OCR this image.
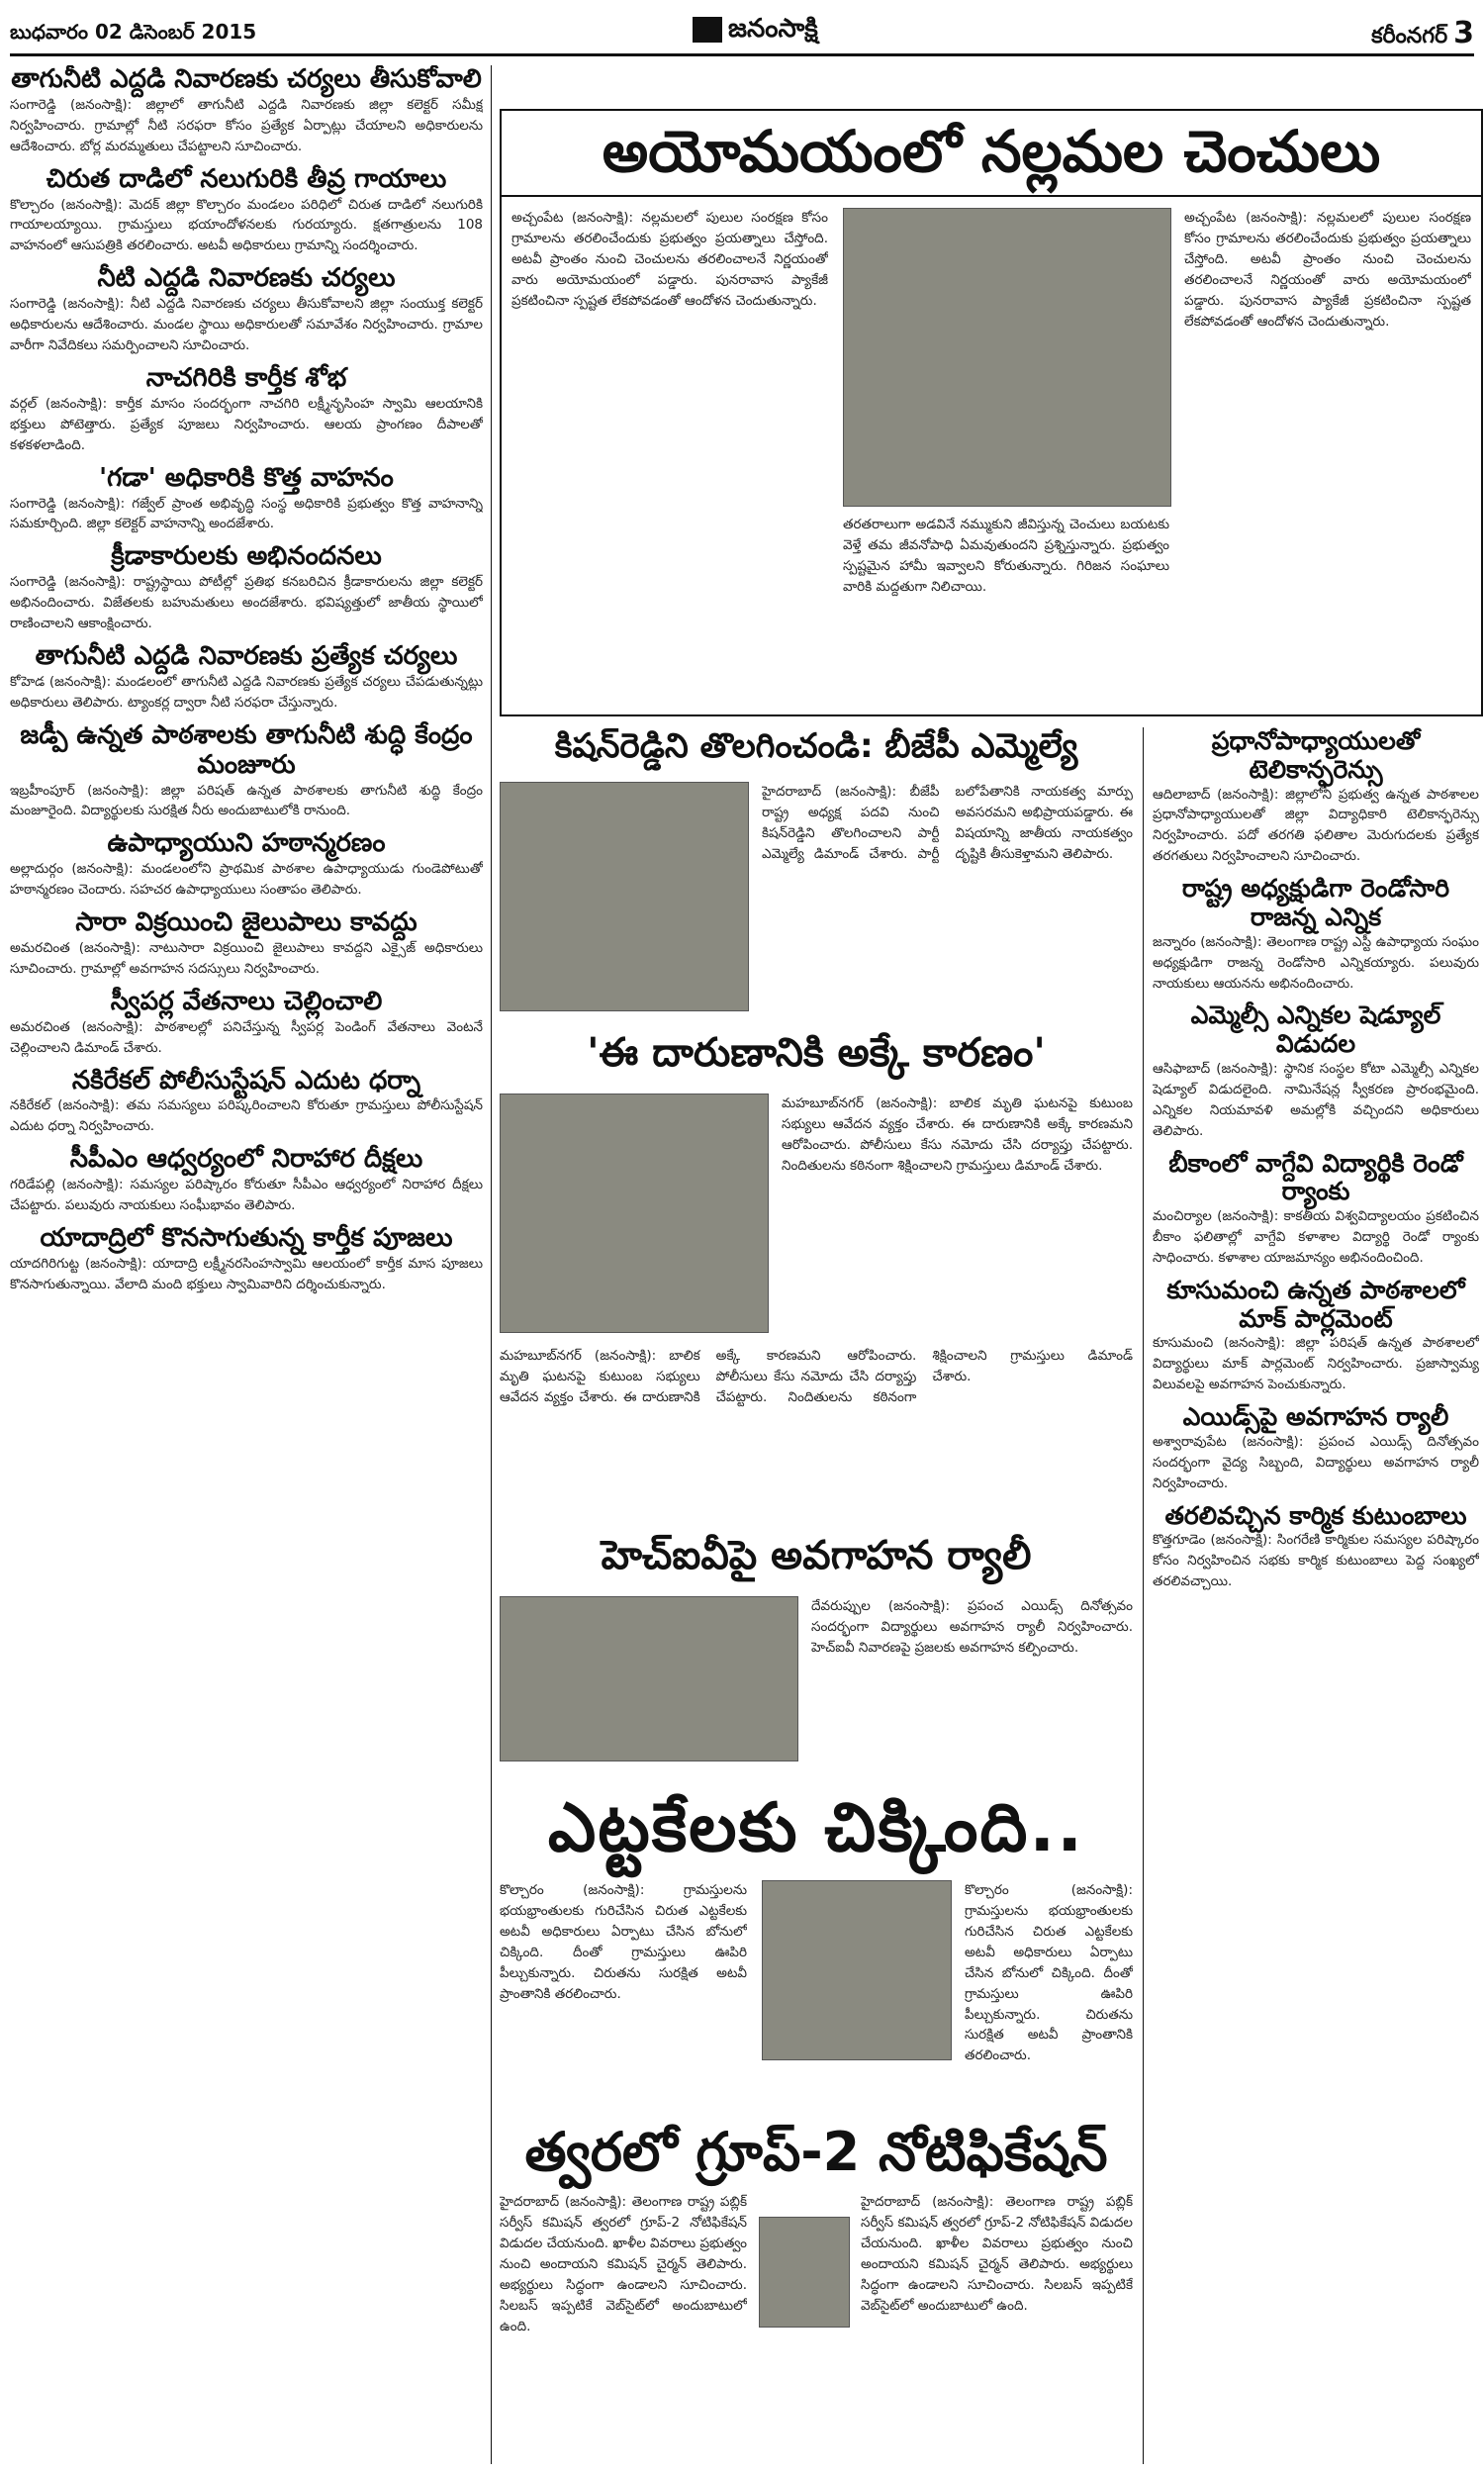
బుధవారం 02 డిసెంబర్ 2015	జనంసాక్షి	కరీంనగర్ 3
తాగునీటి ఎద్దడి నివారణకు చర్యలు తీసుకోవాలి
సంగారెడ్డి (జనంసాక్షి): జిల్లాలో తాగునీటి ఎద్దడి నివారణకు జిల్లా కలెక్టర్ సమీక్ష నిర్వహించారు. గ్రామాల్లో నీటి సరఫరా కోసం ప్రత్యేక ఏర్పాట్లు చేయాలని అధికారులను ఆదేశించారు. బోర్ల మరమ్మతులు చేపట్టాలని సూచించారు.
చిరుత దాడిలో నలుగురికి తీవ్ర గాయాలు
కొల్చారం (జనంసాక్షి): మెదక్ జిల్లా కొల్చారం మండలం పరిధిలో చిరుత దాడిలో నలుగురికి గాయాలయ్యాయి. గ్రామస్తులు భయాందోళనలకు గురయ్యారు. క్షతగాత్రులను 108 వాహనంలో ఆసుపత్రికి తరలించారు. అటవీ అధికారులు గ్రామాన్ని సందర్శించారు.
నీటి ఎద్దడి నివారణకు చర్యలు
సంగారెడ్డి (జనంసాక్షి): నీటి ఎద్దడి నివారణకు చర్యలు తీసుకోవాలని జిల్లా సంయుక్త కలెక్టర్ అధికారులను ఆదేశించారు. మండల స్థాయి అధికారులతో సమావేశం నిర్వహించారు. గ్రామాల వారీగా నివేదికలు సమర్పించాలని సూచించారు.
నాచగిరికి కార్తీక శోభ
వర్గల్ (జనంసాక్షి): కార్తీక మాసం సందర్భంగా నాచగిరి లక్ష్మీనృసింహ స్వామి ఆలయానికి భక్తులు పోటెత్తారు. ప్రత్యేక పూజలు నిర్వహించారు. ఆలయ ప్రాంగణం దీపాలతో కళకళలాడింది.
'గడా' అధికారికి కొత్త వాహనం
సంగారెడ్డి (జనంసాక్షి): గజ్వేల్ ప్రాంత అభివృద్ధి సంస్థ అధికారికి ప్రభుత్వం కొత్త వాహనాన్ని సమకూర్చింది. జిల్లా కలెక్టర్ వాహనాన్ని అందజేశారు.
క్రీడాకారులకు అభినందనలు
సంగారెడ్డి (జనంసాక్షి): రాష్ట్రస్థాయి పోటీల్లో ప్రతిభ కనబరిచిన క్రీడాకారులను జిల్లా కలెక్టర్ అభినందించారు. విజేతలకు బహుమతులు అందజేశారు. భవిష్యత్తులో జాతీయ స్థాయిలో రాణించాలని ఆకాంక్షించారు.
తాగునీటి ఎద్దడి నివారణకు ప్రత్యేక చర్యలు
కోహెడ (జనంసాక్షి): మండలంలో తాగునీటి ఎద్దడి నివారణకు ప్రత్యేక చర్యలు చేపడుతున్నట్లు అధికారులు తెలిపారు. ట్యాంకర్ల ద్వారా నీటి సరఫరా చేస్తున్నారు.
జడ్పీ ఉన్నత పాఠశాలకు తాగునీటి శుద్ధి కేంద్రం మంజూరు
ఇబ్రహీంపూర్ (జనంసాక్షి): జిల్లా పరిషత్ ఉన్నత పాఠశాలకు తాగునీటి శుద్ధి కేంద్రం మంజూరైంది. విద్యార్థులకు సురక్షిత నీరు అందుబాటులోకి రానుంది.
ఉపాధ్యాయుని హఠాన్మరణం
అల్లాదుర్గం (జనంసాక్షి): మండలంలోని ప్రాథమిక పాఠశాల ఉపాధ్యాయుడు గుండెపోటుతో హఠాన్మరణం చెందారు. సహచర ఉపాధ్యాయులు సంతాపం తెలిపారు.
సారా విక్రయించి జైలుపాలు కావద్దు
అమరచింత (జనంసాక్షి): నాటుసారా విక్రయించి జైలుపాలు కావద్దని ఎక్సైజ్ అధికారులు సూచించారు. గ్రామాల్లో అవగాహన సదస్సులు నిర్వహించారు.
స్వీపర్ల వేతనాలు చెల్లించాలి
అమరచింత (జనంసాక్షి): పాఠశాలల్లో పనిచేస్తున్న స్వీపర్ల పెండింగ్ వేతనాలు వెంటనే చెల్లించాలని డిమాండ్ చేశారు.
నకిరేకల్ పోలీసుస్టేషన్ ఎదుట ధర్నా
నకిరేకల్ (జనంసాక్షి): తమ సమస్యలు పరిష్కరించాలని కోరుతూ గ్రామస్తులు పోలీసుస్టేషన్ ఎదుట ధర్నా నిర్వహించారు.
సీపీఎం ఆధ్వర్యంలో నిరాహార దీక్షలు
గరిడేపల్లి (జనంసాక్షి): సమస్యల పరిష్కారం కోరుతూ సీపీఎం ఆధ్వర్యంలో నిరాహార దీక్షలు చేపట్టారు. పలువురు నాయకులు సంఘీభావం తెలిపారు.
యాదాద్రిలో కొనసాగుతున్న కార్తీక పూజలు
యాదగిరిగుట్ట (జనంసాక్షి): యాదాద్రి లక్ష్మీనరసింహస్వామి ఆలయంలో కార్తీక మాస పూజలు కొనసాగుతున్నాయి. వేలాది మంది భక్తులు స్వామివారిని దర్శించుకున్నారు.
అయోమయంలో నల్లమల చెంచులు
అచ్చంపేట (జనంసాక్షి): నల్లమలలో పులుల సంరక్షణ కోసం గ్రామాలను తరలించేందుకు ప్రభుత్వం ప్రయత్నాలు చేస్తోంది. అటవీ ప్రాంతం నుంచి చెంచులను తరలించాలనే నిర్ణయంతో వారు అయోమయంలో పడ్డారు. పునరావాస ప్యాకేజీ ప్రకటించినా స్పష్టత లేకపోవడంతో ఆందోళన చెందుతున్నారు.
తరతరాలుగా అడవినే నమ్ముకుని జీవిస్తున్న చెంచులు బయటకు వెళ్తే తమ జీవనోపాధి ఏమవుతుందని ప్రశ్నిస్తున్నారు. ప్రభుత్వం స్పష్టమైన హామీ ఇవ్వాలని కోరుతున్నారు. గిరిజన సంఘాలు వారికి మద్దతుగా నిలిచాయి.
అచ్చంపేట (జనంసాక్షి): నల్లమలలో పులుల సంరక్షణ కోసం గ్రామాలను తరలించేందుకు ప్రభుత్వం ప్రయత్నాలు చేస్తోంది. అటవీ ప్రాంతం నుంచి చెంచులను తరలించాలనే నిర్ణయంతో వారు అయోమయంలో పడ్డారు. పునరావాస ప్యాకేజీ ప్రకటించినా స్పష్టత లేకపోవడంతో ఆందోళన చెందుతున్నారు.
కిషన్‌రెడ్డిని తొలగించండి: బీజేపీ ఎమ్మెల్యే
హైదరాబాద్ (జనంసాక్షి): బీజేపీ రాష్ట్ర అధ్యక్ష పదవి నుంచి కిషన్‌రెడ్డిని తొలగించాలని పార్టీ ఎమ్మెల్యే డిమాండ్ చేశారు. పార్టీ బలోపేతానికి నాయకత్వ మార్పు అవసరమని అభిప్రాయపడ్డారు. ఈ విషయాన్ని జాతీయ నాయకత్వం దృష్టికి తీసుకెళ్తామని తెలిపారు.
'ఈ దారుణానికి అక్కే కారణం'
మహబూబ్‌నగర్ (జనంసాక్షి): బాలిక మృతి ఘటనపై కుటుంబ సభ్యులు ఆవేదన వ్యక్తం చేశారు. ఈ దారుణానికి అక్కే కారణమని ఆరోపించారు. పోలీసులు కేసు నమోదు చేసి దర్యాప్తు చేపట్టారు. నిందితులను కఠినంగా శిక్షించాలని గ్రామస్తులు డిమాండ్ చేశారు.
మహబూబ్‌నగర్ (జనంసాక్షి): బాలిక మృతి ఘటనపై కుటుంబ సభ్యులు ఆవేదన వ్యక్తం చేశారు. ఈ దారుణానికి అక్కే కారణమని ఆరోపించారు. పోలీసులు కేసు నమోదు చేసి దర్యాప్తు చేపట్టారు. నిందితులను కఠినంగా శిక్షించాలని గ్రామస్తులు డిమాండ్ చేశారు.
హెచ్ఐవీపై అవగాహన ర్యాలీ
దేవరుప్పుల (జనంసాక్షి): ప్రపంచ ఎయిడ్స్ దినోత్సవం సందర్భంగా విద్యార్థులు అవగాహన ర్యాలీ నిర్వహించారు. హెచ్ఐవీ నివారణపై ప్రజలకు అవగాహన కల్పించారు.
ఎట్టకేలకు చిక్కింది..
కొల్చారం (జనంసాక్షి): గ్రామస్తులను భయభ్రాంతులకు గురిచేసిన చిరుత ఎట్టకేలకు అటవీ అధికారులు ఏర్పాటు చేసిన బోనులో చిక్కింది. దీంతో గ్రామస్తులు ఊపిరి పీల్చుకున్నారు. చిరుతను సురక్షిత అటవీ ప్రాంతానికి తరలించారు.
కొల్చారం (జనంసాక్షి): గ్రామస్తులను భయభ్రాంతులకు గురిచేసిన చిరుత ఎట్టకేలకు అటవీ అధికారులు ఏర్పాటు చేసిన బోనులో చిక్కింది. దీంతో గ్రామస్తులు ఊపిరి పీల్చుకున్నారు. చిరుతను సురక్షిత అటవీ ప్రాంతానికి తరలించారు.
త్వరలో గ్రూప్-2 నోటిఫికేషన్
హైదరాబాద్ (జనంసాక్షి): తెలంగాణ రాష్ట్ర పబ్లిక్ సర్వీస్ కమిషన్ త్వరలో గ్రూప్-2 నోటిఫికేషన్ విడుదల చేయనుంది. ఖాళీల వివరాలు ప్రభుత్వం నుంచి అందాయని కమిషన్ చైర్మన్ తెలిపారు. అభ్యర్థులు సిద్ధంగా ఉండాలని సూచించారు. సిలబస్ ఇప్పటికే వెబ్‌సైట్‌లో అందుబాటులో ఉంది.
హైదరాబాద్ (జనంసాక్షి): తెలంగాణ రాష్ట్ర పబ్లిక్ సర్వీస్ కమిషన్ త్వరలో గ్రూప్-2 నోటిఫికేషన్ విడుదల చేయనుంది. ఖాళీల వివరాలు ప్రభుత్వం నుంచి అందాయని కమిషన్ చైర్మన్ తెలిపారు. అభ్యర్థులు సిద్ధంగా ఉండాలని సూచించారు. సిలబస్ ఇప్పటికే వెబ్‌సైట్‌లో అందుబాటులో ఉంది.
ప్రధానోపాధ్యాయులతో టెలికాన్ఫరెన్సు
ఆదిలాబాద్ (జనంసాక్షి): జిల్లాలోని ప్రభుత్వ ఉన్నత పాఠశాలల ప్రధానోపాధ్యాయులతో జిల్లా విద్యాధికారి టెలికాన్ఫరెన్సు నిర్వహించారు. పదో తరగతి ఫలితాల మెరుగుదలకు ప్రత్యేక తరగతులు నిర్వహించాలని సూచించారు.
రాష్ట్ర అధ్యక్షుడిగా రెండోసారి రాజన్న ఎన్నిక
జన్నారం (జనంసాక్షి): తెలంగాణ రాష్ట్ర ఎస్టీ ఉపాధ్యాయ సంఘం అధ్యక్షుడిగా రాజన్న రెండోసారి ఎన్నికయ్యారు. పలువురు నాయకులు ఆయనను అభినందించారు.
ఎమ్మెల్సీ ఎన్నికల షెడ్యూల్ విడుదల
ఆసిఫాబాద్ (జనంసాక్షి): స్థానిక సంస్థల కోటా ఎమ్మెల్సీ ఎన్నికల షెడ్యూల్ విడుదలైంది. నామినేషన్ల స్వీకరణ ప్రారంభమైంది. ఎన్నికల నియమావళి అమల్లోకి వచ్చిందని అధికారులు తెలిపారు.
బీకాంలో వాగ్దేవి విద్యార్థికి రెండో ర్యాంకు
మంచిర్యాల (జనంసాక్షి): కాకతీయ విశ్వవిద్యాలయం ప్రకటించిన బీకాం ఫలితాల్లో వాగ్దేవి కళాశాల విద్యార్థి రెండో ర్యాంకు సాధించారు. కళాశాల యాజమాన్యం అభినందించింది.
కూసుమంచి ఉన్నత పాఠశాలలో మాక్ పార్లమెంట్
కూసుమంచి (జనంసాక్షి): జిల్లా పరిషత్ ఉన్నత పాఠశాలలో విద్యార్థులు మాక్ పార్లమెంట్ నిర్వహించారు. ప్రజాస్వామ్య విలువలపై అవగాహన పెంచుకున్నారు.
ఎయిడ్స్‌పై అవగాహన ర్యాలీ
అశ్వారావుపేట (జనంసాక్షి): ప్రపంచ ఎయిడ్స్ దినోత్సవం సందర్భంగా వైద్య సిబ్బంది, విద్యార్థులు అవగాహన ర్యాలీ నిర్వహించారు.
తరలివచ్చిన కార్మిక కుటుంబాలు
కొత్తగూడెం (జనంసాక్షి): సింగరేణి కార్మికుల సమస్యల పరిష్కారం కోసం నిర్వహించిన సభకు కార్మిక కుటుంబాలు పెద్ద సంఖ్యలో తరలివచ్చాయి.
